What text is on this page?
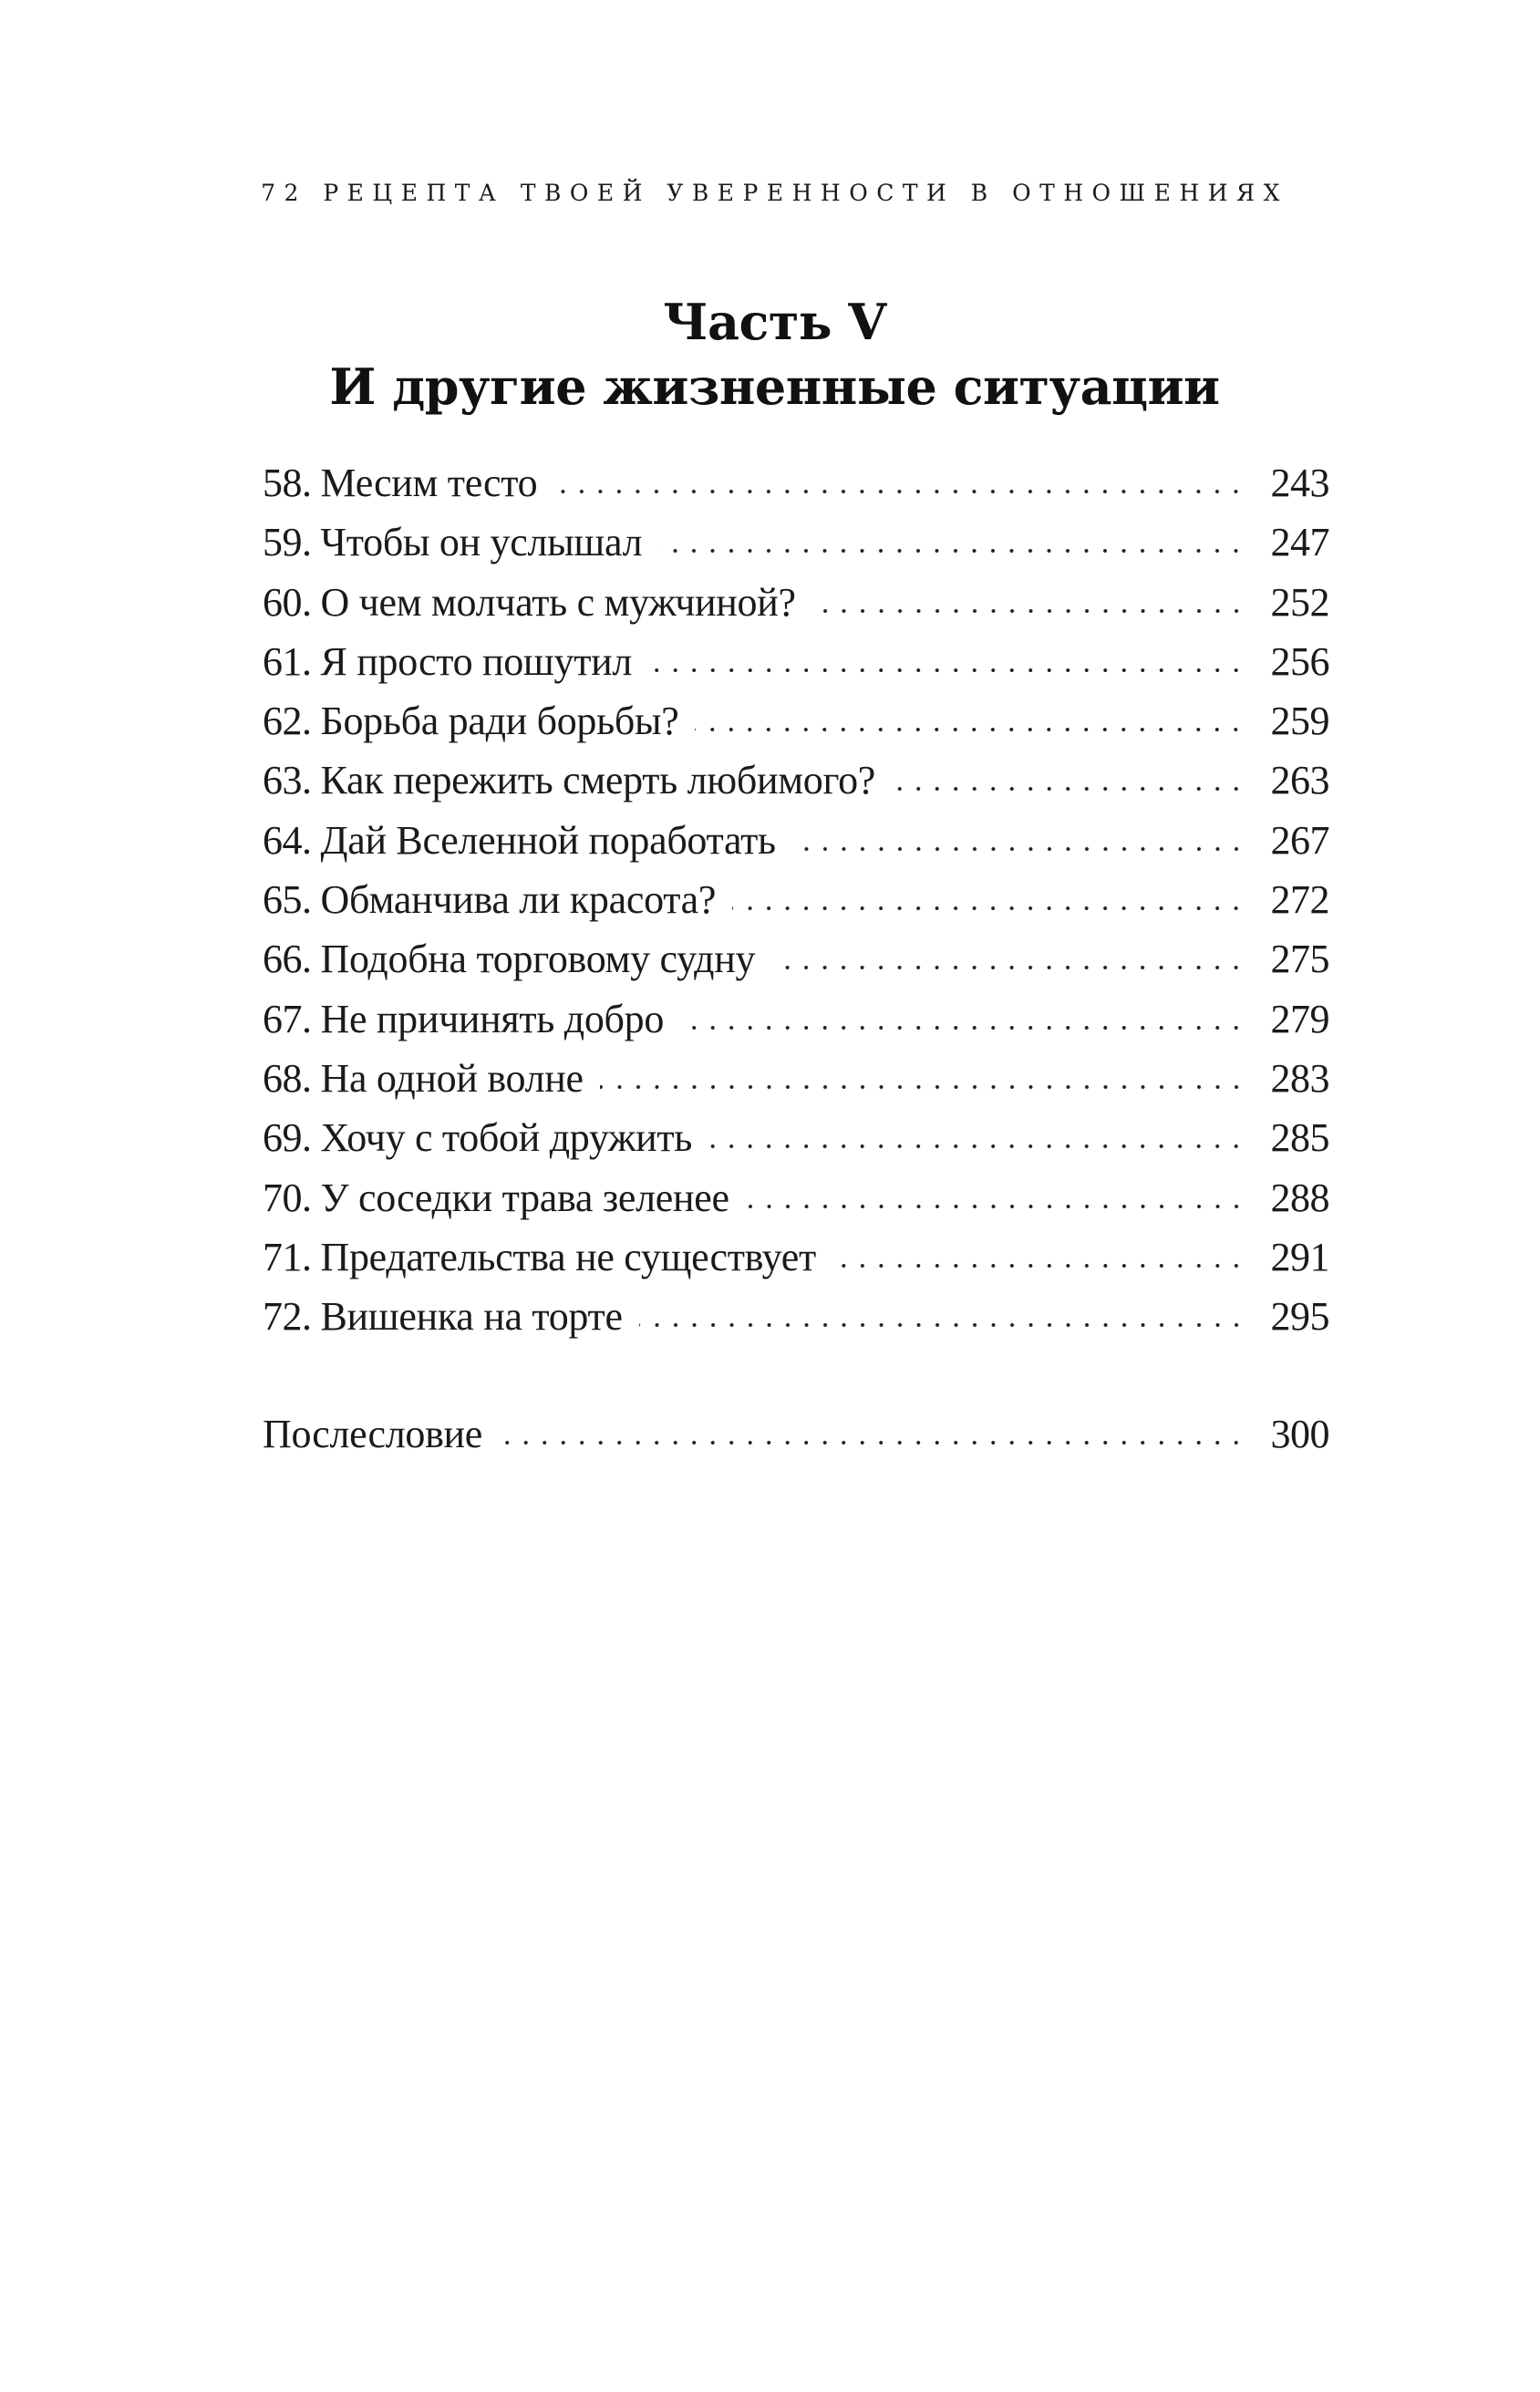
72 РЕЦЕПТА ТВОЕЙ УВЕРЕННОСТИ В ОТНОШЕНИЯХ
Часть V
И другие жизненные ситуации
58. Месим тесто	243
59. Чтобы он услышал	247
60. О чем молчать с мужчиной?	252
61. Я просто пошутил	256
62. Борьба ради борьбы?	259
63. Как пережить смерть любимого?	263
64. Дай Вселенной поработать	267
65. Обманчива ли красота?	272
66. Подобна торговому судну	275
67. Не причинять добро	279
68. На одной волне	283
69. Хочу с тобой дружить	285
70. У соседки трава зеленее	288
71. Предательства не существует	291
72. Вишенка на торте	295
Послесловие	300
